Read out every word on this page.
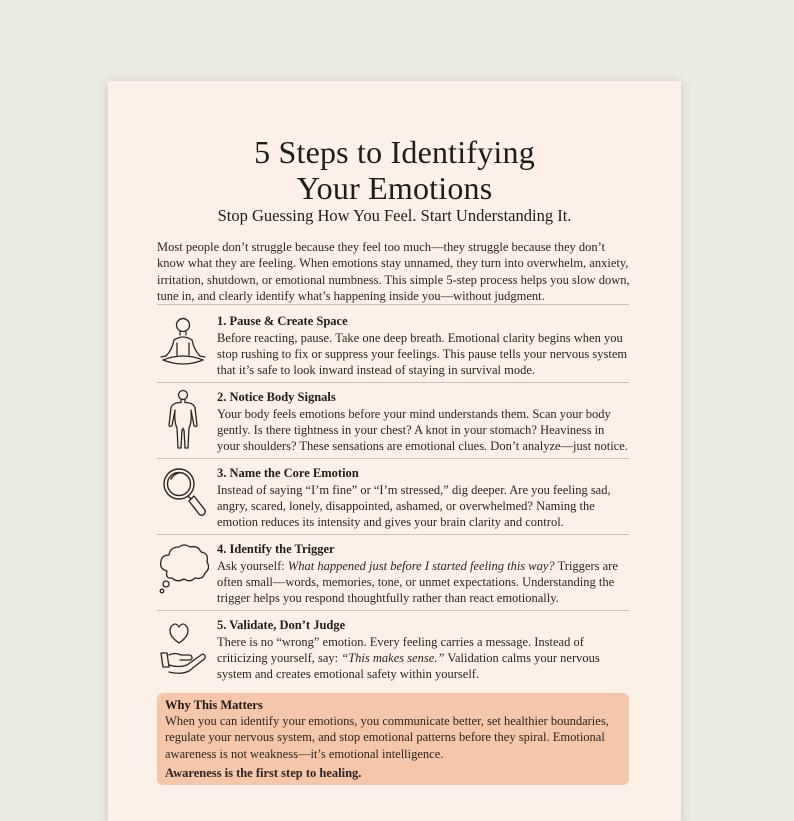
5 Steps to Identifying
Your Emotions
Stop Guessing How You Feel. Start Understanding It.

Most people don’t struggle because they feel too much—they struggle because they don’t know what they are feeling. When emotions stay unnamed, they turn into overwhelm, anxiety, irritation, shutdown, or emotional numbness. This simple 5-step process helps you slow down, tune in, and clearly identify what’s happening inside you—without judgment.

1. Pause & Create Space

Before reacting, pause. Take one deep breath. Emotional clarity begins when you stop rushing to fix or suppress your feelings. This pause tells your nervous system that it’s safe to look inward instead of staying in survival mode.

2. Notice Body Signals

Your body feels emotions before your mind understands them. Scan your body gently. Is there tightness in your chest? A knot in your stomach? Heaviness in your shoulders? These sensations are emotional clues. Don’t analyze—just notice.

3. Name the Core Emotion

Instead of saying “I’m fine” or “I’m stressed,” dig deeper. Are you feeling sad, angry, scared, lonely, disappointed, ashamed, or overwhelmed? Naming the emotion reduces its intensity and gives your brain clarity and control.

4. Identify the Trigger

Ask yourself: What happened just before I started feeling this way? Triggers are often small—words, memories, tone, or unmet expectations. Understanding the trigger helps you respond thoughtfully rather than react emotionally.

5. Validate, Don’t Judge

There is no “wrong” emotion. Every feeling carries a message. Instead of criticizing yourself, say: “This makes sense.” Validation calms your nervous system and creates emotional safety within yourself.

Why This Matters

When you can identify your emotions, you communicate better, set healthier boundaries, regulate your nervous system, and stop emotional patterns before they spiral. Emotional awareness is not weakness—it’s emotional intelligence.

Awareness is the first step to healing.
